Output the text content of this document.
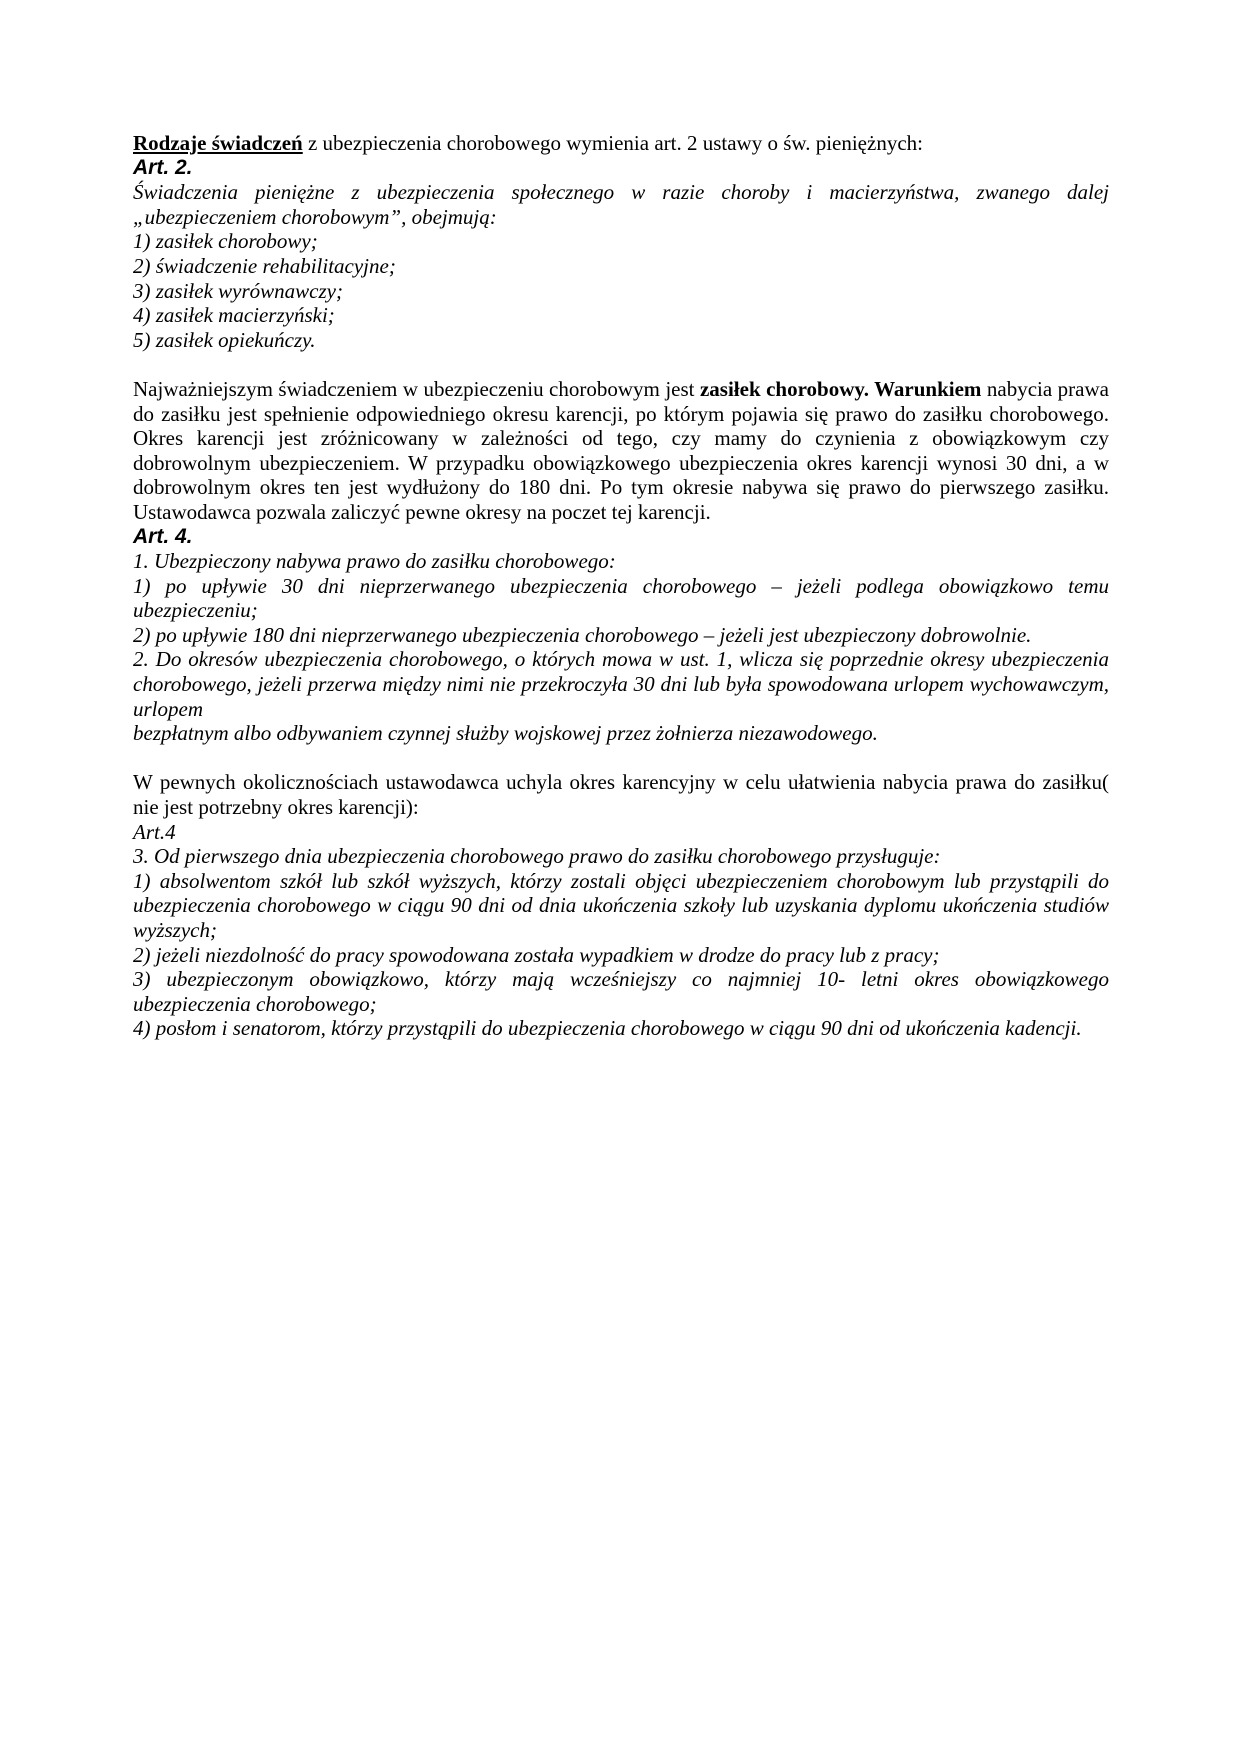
Rodzaje świadczeń z ubezpieczenia chorobowego wymienia art. 2 ustawy o św. pieniężnych:

Art. 2.

Świadczenia pieniężne z ubezpieczenia społecznego w razie choroby i macierzyństwa, zwanego dalej „ubezpieczeniem chorobowym”, obejmują:

1) zasiłek chorobowy;

2) świadczenie rehabilitacyjne;

3) zasiłek wyrównawczy;

4) zasiłek macierzyński;

5) zasiłek opiekuńczy.

Najważniejszym świadczeniem w ubezpieczeniu chorobowym jest zasiłek chorobowy. Warunkiem nabycia prawa do zasiłku jest spełnienie odpowiedniego okresu karencji, po którym pojawia się prawo do zasiłku chorobowego. Okres karencji jest zróżnicowany w zależności od tego, czy mamy do czynienia z obowiązkowym czy dobrowolnym ubezpieczeniem. W przypadku obowiązkowego ubezpieczenia okres karencji wynosi 30 dni, a w dobrowolnym okres ten jest wydłużony do 180 dni. Po tym okresie nabywa się prawo do pierwszego zasiłku. Ustawodawca pozwala zaliczyć pewne okresy na poczet tej karencji.

Art. 4.

1. Ubezpieczony nabywa prawo do zasiłku chorobowego:

1) po upływie 30 dni nieprzerwanego ubezpieczenia chorobowego – jeżeli podlega obowiązkowo temu ubezpieczeniu;

2) po upływie 180 dni nieprzerwanego ubezpieczenia chorobowego – jeżeli jest ubezpieczony dobrowolnie.

2. Do okresów ubezpieczenia chorobowego, o których mowa w ust. 1, wlicza się poprzednie okresy ubezpieczenia chorobowego, jeżeli przerwa między nimi nie przekroczyła 30 dni lub była spowodowana urlopem wychowawczym, urlopem
bezpłatnym albo odbywaniem czynnej służby wojskowej przez żołnierza niezawodowego.

W pewnych okolicznościach ustawodawca uchyla okres karencyjny w celu ułatwienia nabycia prawa do zasiłku( nie jest potrzebny okres karencji):

Art.4

3. Od pierwszego dnia ubezpieczenia chorobowego prawo do zasiłku chorobowego przysługuje:

1) absolwentom szkół lub szkół wyższych, którzy zostali objęci ubezpieczeniem chorobowym lub przystąpili do ubezpieczenia chorobowego w ciągu 90 dni od dnia ukończenia szkoły lub uzyskania dyplomu ukończenia studiów wyższych;

2) jeżeli niezdolność do pracy spowodowana została wypadkiem w drodze do pracy lub z pracy;

3) ubezpieczonym obowiązkowo, którzy mają wcześniejszy co najmniej 10- letni okres obowiązkowego ubezpieczenia chorobowego;

4) posłom i senatorom, którzy przystąpili do ubezpieczenia chorobowego w ciągu 90 dni od ukończenia kadencji.
